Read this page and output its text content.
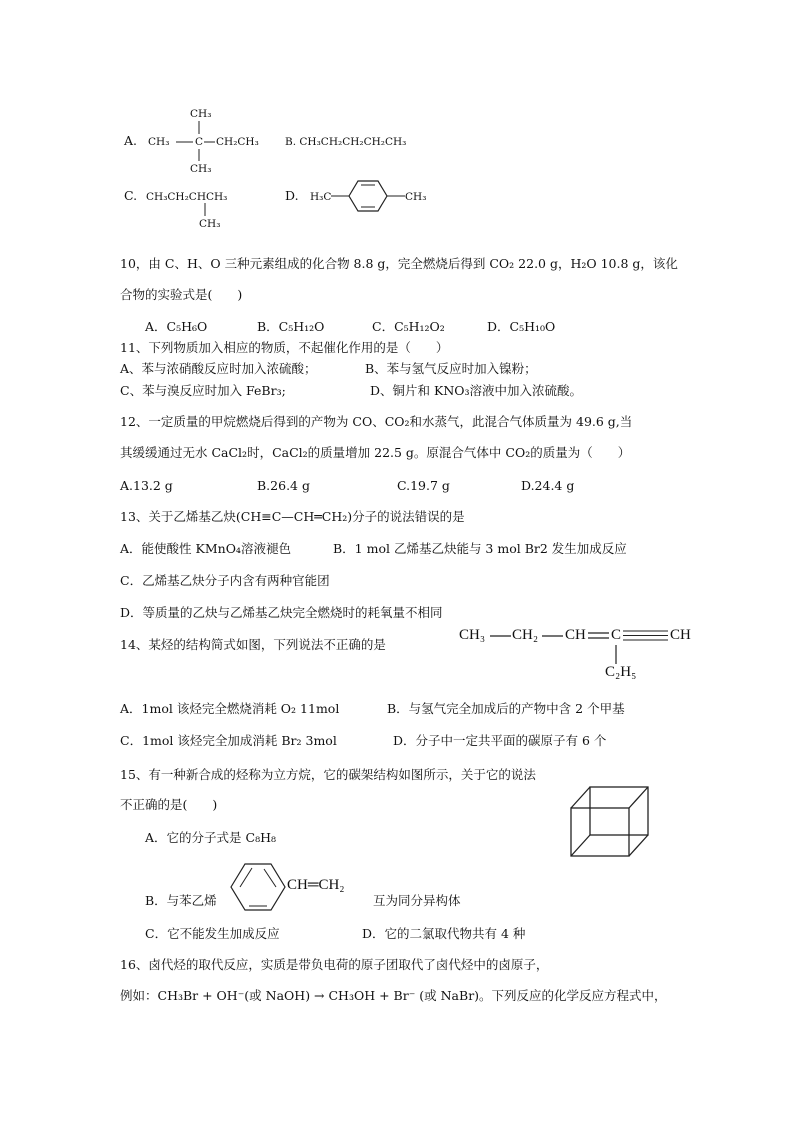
A.
CH₃
CH₃ C CH₂CH₃
CH₃
B. CH₃CH₂CH₂CH₂CH₃
C. CH₃CH₂CHCH₃
CH₃
D. H₃C	CH₃
10，由 C、H、O 三种元素组成的化合物 8.8 g，完全燃烧后得到 CO₂ 22.0 g，H₂O 10.8 g，该化
合物的实验式是(　　)
A．C₅H₆O	B．C₅H₁₂O	C．C₅H₁₂O₂	D．C₅H₁₀O
11、下列物质加入相应的物质，不起催化作用的是（　　）
A、苯与浓硝酸反应时加入浓硫酸；	B、苯与氢气反应时加入镍粉；
C、苯与溴反应时加入 FeBr₃;	D、铜片和 KNO₃溶液中加入浓硫酸。
12、一定质量的甲烷燃烧后得到的产物为 CO、CO₂和水蒸气，此混合气体质量为 49.6 g,当
其缓缓通过无水 CaCl₂时，CaCl₂的质量增加 22.5 g。原混合气体中 CO₂的质量为（　　）
A.13.2 g	B.26.4 g	C.19.7 g	D.24.4 g
13、关于乙烯基乙炔(CH≡C—CH═CH₂)分子的说法错误的是
A．能使酸性 KMnO₄溶液褪色	B．1 mol 乙烯基乙炔能与 3 mol Br2 发生加成反应
C．乙烯基乙炔分子内含有两种官能团
D．等质量的乙炔与乙烯基乙炔完全燃烧时的耗氧量不相同
14、某烃的结构简式如图，下列说法不正确的是
CH₃ CH₂ CH C	CH
C₂H₅
A．1mol 该烃完全燃烧消耗 O₂ 11mol	B．与氢气完全加成后的产物中含 2 个甲基
C．1mol 该烃完全加成消耗 Br₂ 3mol	D．分子中一定共平面的碳原子有 6 个
15、有一种新合成的烃称为立方烷，它的碳架结构如图所示，关于它的说法
不正确的是(　　)
A．它的分子式是 C₈H₈
B．与苯乙烯
CH═CH₂
互为同分异构体
C．它不能发生加成反应	D．它的二氯取代物共有 4 种
16、卤代烃的取代反应，实质是带负电荷的原子团取代了卤代烃中的卤原子，
例如：CH₃Br + OH⁻(或 NaOH) → CH₃OH + Br⁻ (或 NaBr)。下列反应的化学反应方程式中，
